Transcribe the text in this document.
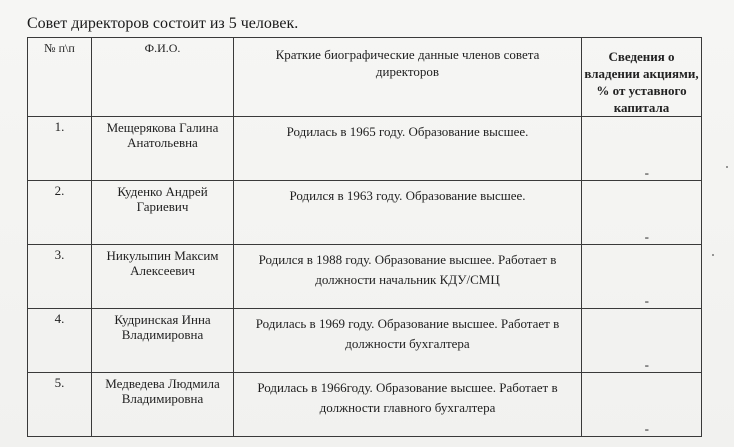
Совет директоров состоит из 5 человек.
№ п\п	Ф.И.О.	Краткие биографические данные членов совета директоров	Сведения о владении акциями, % от уставного капитала

1.	Мещерякова Галина Анатольевна	Родилась в 1965 году. Образование высшее.	-

2.	Куденко Андрей Гариевич	Родился в 1963 году. Образование высшее.	-

3.	Никулыпин Максим Алексеевич	Родился в 1988 году. Образование высшее. Работает в должности начальник КДУ/СМЦ	-

4.	Кудринская Инна Владимировна	Родилась в 1969 году. Образование высшее. Работает в должности бухгалтера	-

5.	Медведева Людмила Владимировна	Родилась в 1966году. Образование высшее. Работает в должности главного бухгалтера	-
